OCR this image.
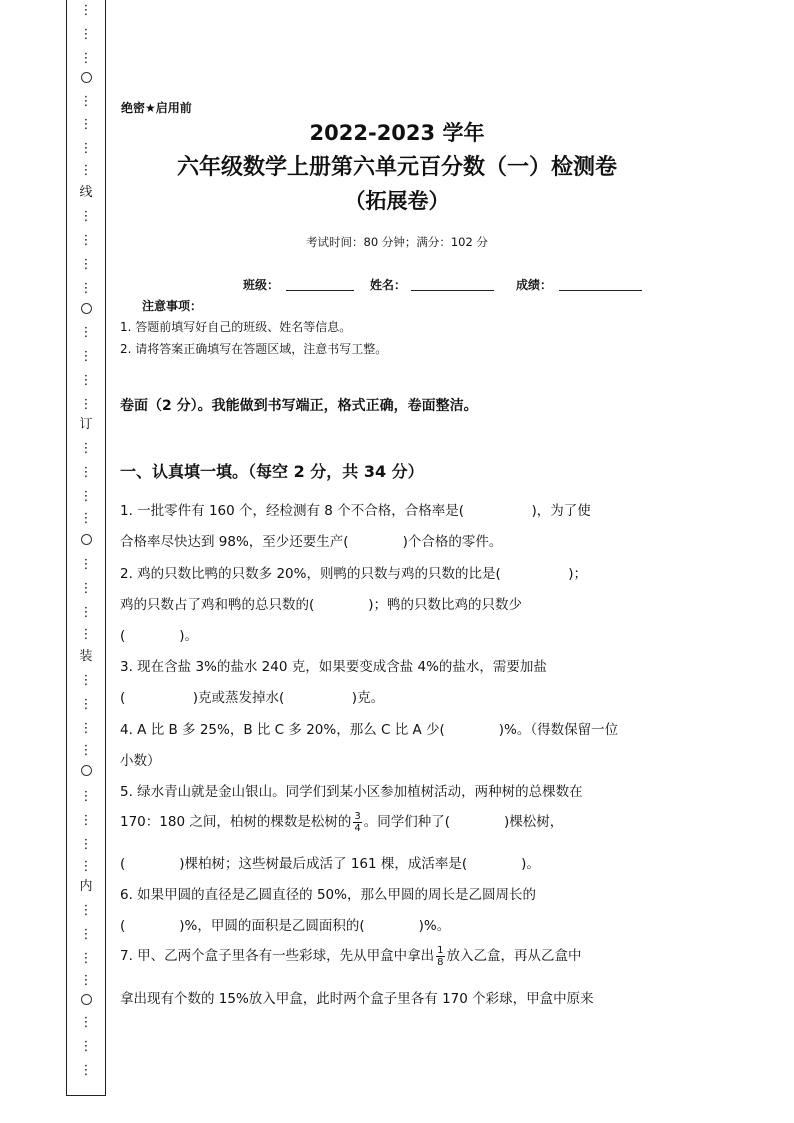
⋮
⋮
⋮
⋮
⋮
⋮
⋮
线
⋮
⋮
⋮
⋮
⋮
⋮
⋮
⋮
订
⋮
⋮
⋮
⋮
⋮
⋮
⋮
⋮
装
⋮
⋮
⋮
⋮
⋮
⋮
⋮
⋮
内
⋮
⋮
⋮
⋮
⋮
⋮
⋮
绝密★启用前
2022-2023 学年
六年级数学上册第六单元百分数（一）检测卷
（拓展卷）
考试时间：80 分钟；满分：102 分
班级：	姓名：	成绩：
注意事项：
1. 答题前填写好自己的班级、姓名等信息。
2. 请将答案正确填写在答题区域，注意书写工整。
卷面（2 分）。我能做到书写端正，格式正确，卷面整洁。
一、认真填一填。（每空 2 分，共 34 分）
1. 一批零件有 160 个，经检测有 8 个不合格，合格率是(　　　　　)，为了使
合格率尽快达到 98%，至少还要生产(　　　　)个合格的零件。
2. 鸡的只数比鸭的只数多 20%，则鸭的只数与鸡的只数的比是(　　　　　)；
鸡的只数占了鸡和鸭的总只数的(　　　　)；鸭的只数比鸡的只数少
(　　　　)。
3. 现在含盐 3%的盐水 240 克，如果要变成含盐 4%的盐水，需要加盐
(　　　　　)克或蒸发掉水(　　　　　)克。
4. A 比 B 多 25%，B 比 C 多 20%，那么 C 比 A 少(　　　　)%。（得数保留一位
小数）
5. 绿水青山就是金山银山。同学们到某小区参加植树活动，两种树的总棵数在
170：180 之间，柏树的棵数是松树的 $\frac{3}{4}$ 。同学们种了(　　　　)棵松树，
(　　　　)棵柏树；这些树最后成活了 161 棵，成活率是(　　　　)。
6. 如果甲圆的直径是乙圆直径的 50%，那么甲圆的周长是乙圆周长的
(　　　　)%，甲圆的面积是乙圆面积的(　　　　)%。
7. 甲、乙两个盒子里各有一些彩球，先从甲盒中拿出 $\frac{1}{8}$ 放入乙盒，再从乙盒中
拿出现有个数的 15%放入甲盒，此时两个盒子里各有 170 个彩球，甲盒中原来
